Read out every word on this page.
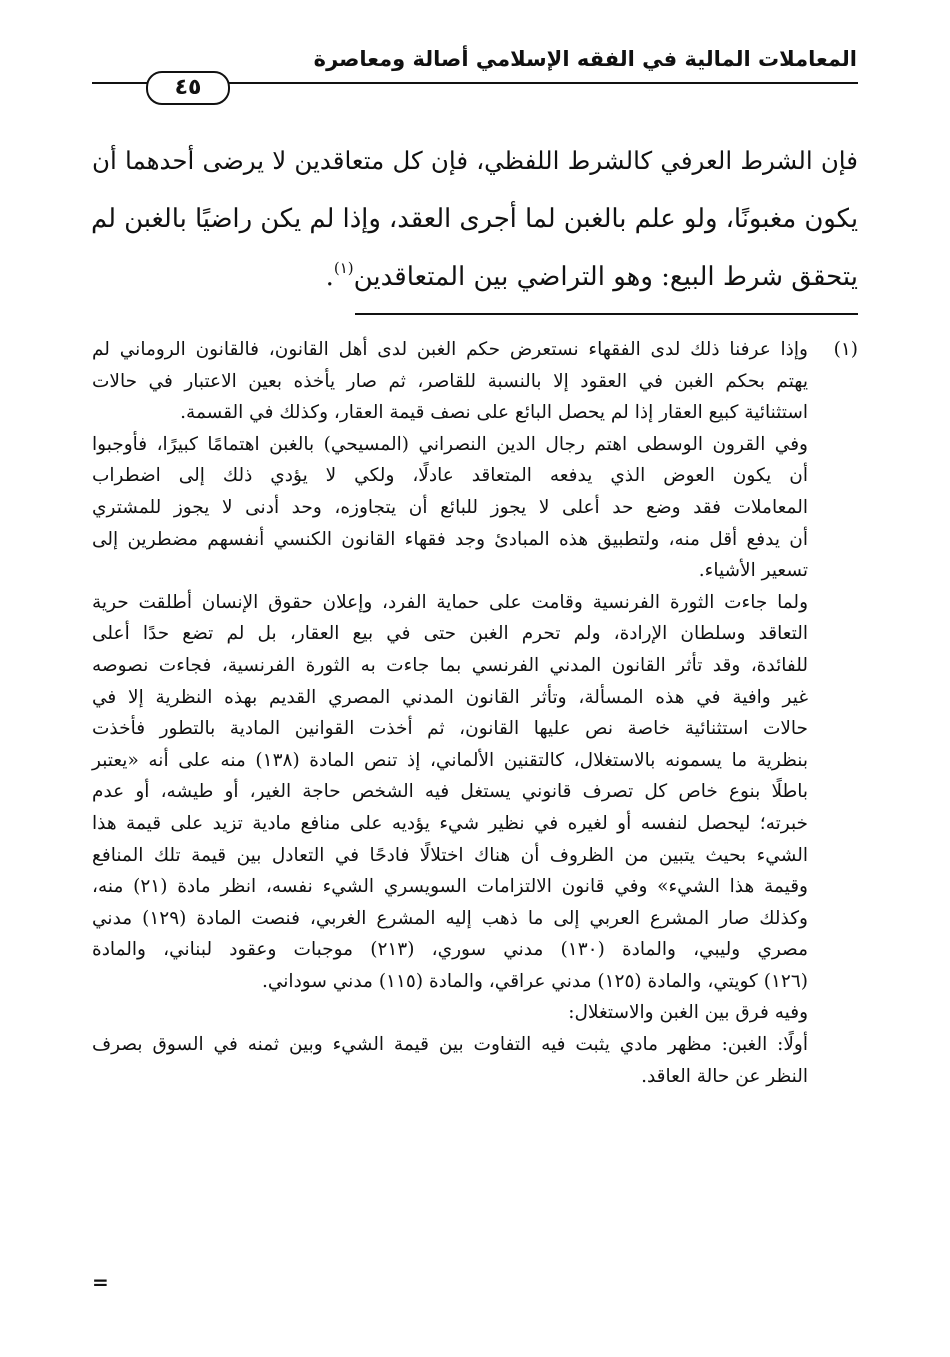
المعاملات المالية في الفقه الإسلامي أصالة ومعاصرة
٤٥
فإن الشرط العرفي كالشرط اللفظي، فإن كل متعاقدين لا يرضى أحدهما أن
يكون مغبونًا، ولو علم بالغبن لما أجرى العقد، وإذا لم يكن راضيًا بالغبن لم
يتحقق شرط البيع: وهو التراضي بين المتعاقدين$^{(١)}$.
(١)وإذا عرفنا ذلك لدى الفقهاء نستعرض حكم الغبن لدى أهل القانون، فالقانون الروماني لم
يهتم بحكم الغبن في العقود إلا بالنسبة للقاصر، ثم صار يأخذه بعين الاعتبار في حالات
استثنائية كبيع العقار إذا لم يحصل البائع على نصف قيمة العقار، وكذلك في القسمة.
وفي القرون الوسطى اهتم رجال الدين النصراني (المسيحي) بالغبن اهتمامًا كبيرًا، فأوجبوا
أن يكون العوض الذي يدفعه المتعاقد عادلًا، ولكي لا يؤدي ذلك إلى اضطراب
المعاملات فقد وضع حد أعلى لا يجوز للبائع أن يتجاوزه، وحد أدنى لا يجوز للمشتري
أن يدفع أقل منه، ولتطبيق هذه المبادئ وجد فقهاء القانون الكنسي أنفسهم مضطرين إلى
تسعير الأشياء.
ولما جاءت الثورة الفرنسية وقامت على حماية الفرد، وإعلان حقوق الإنسان أطلقت حرية
التعاقد وسلطان الإرادة، ولم تحرم الغبن حتى في بيع العقار، بل لم تضع حدًا أعلى
للفائدة، وقد تأثر القانون المدني الفرنسي بما جاءت به الثورة الفرنسية، فجاءت نصوصه
غير وافية في هذه المسألة، وتأثر القانون المدني المصري القديم بهذه النظرية إلا في
حالات استثنائية خاصة نص عليها القانون، ثم أخذت القوانين المادية بالتطور فأخذت
بنظرية ما يسمونه بالاستغلال، كالتقنين الألماني، إذ تنص المادة (١٣٨) منه على أنه «يعتبر
باطلًا بنوع خاص كل تصرف قانوني يستغل فيه الشخص حاجة الغير، أو طيشه، أو عدم
خبرته؛ ليحصل لنفسه أو لغيره في نظير شيء يؤديه على منافع مادية تزيد على قيمة هذا
الشيء بحيث يتبين من الظروف أن هناك اختلالًا فادحًا في التعادل بين قيمة تلك المنافع
وقيمة هذا الشيء» وفي قانون الالتزامات السويسري الشيء نفسه، انظر مادة (٢١) منه،
وكذلك صار المشرع العربي إلى ما ذهب إليه المشرع الغربي، فنصت المادة (١٢٩) مدني
مصري وليبي، والمادة (١٣٠) مدني سوري، (٢١٣) موجبات وعقود لبناني، والمادة
(١٢٦) كويتي، والمادة (١٢٥) مدني عراقي، والمادة (١١٥) مدني سوداني.
وفيه فرق بين الغبن والاستغلال:
أولًا: الغبن: مظهر مادي يثبت فيه التفاوت بين قيمة الشيء وبين ثمنه في السوق بصرف
النظر عن حالة العاقد.
=
